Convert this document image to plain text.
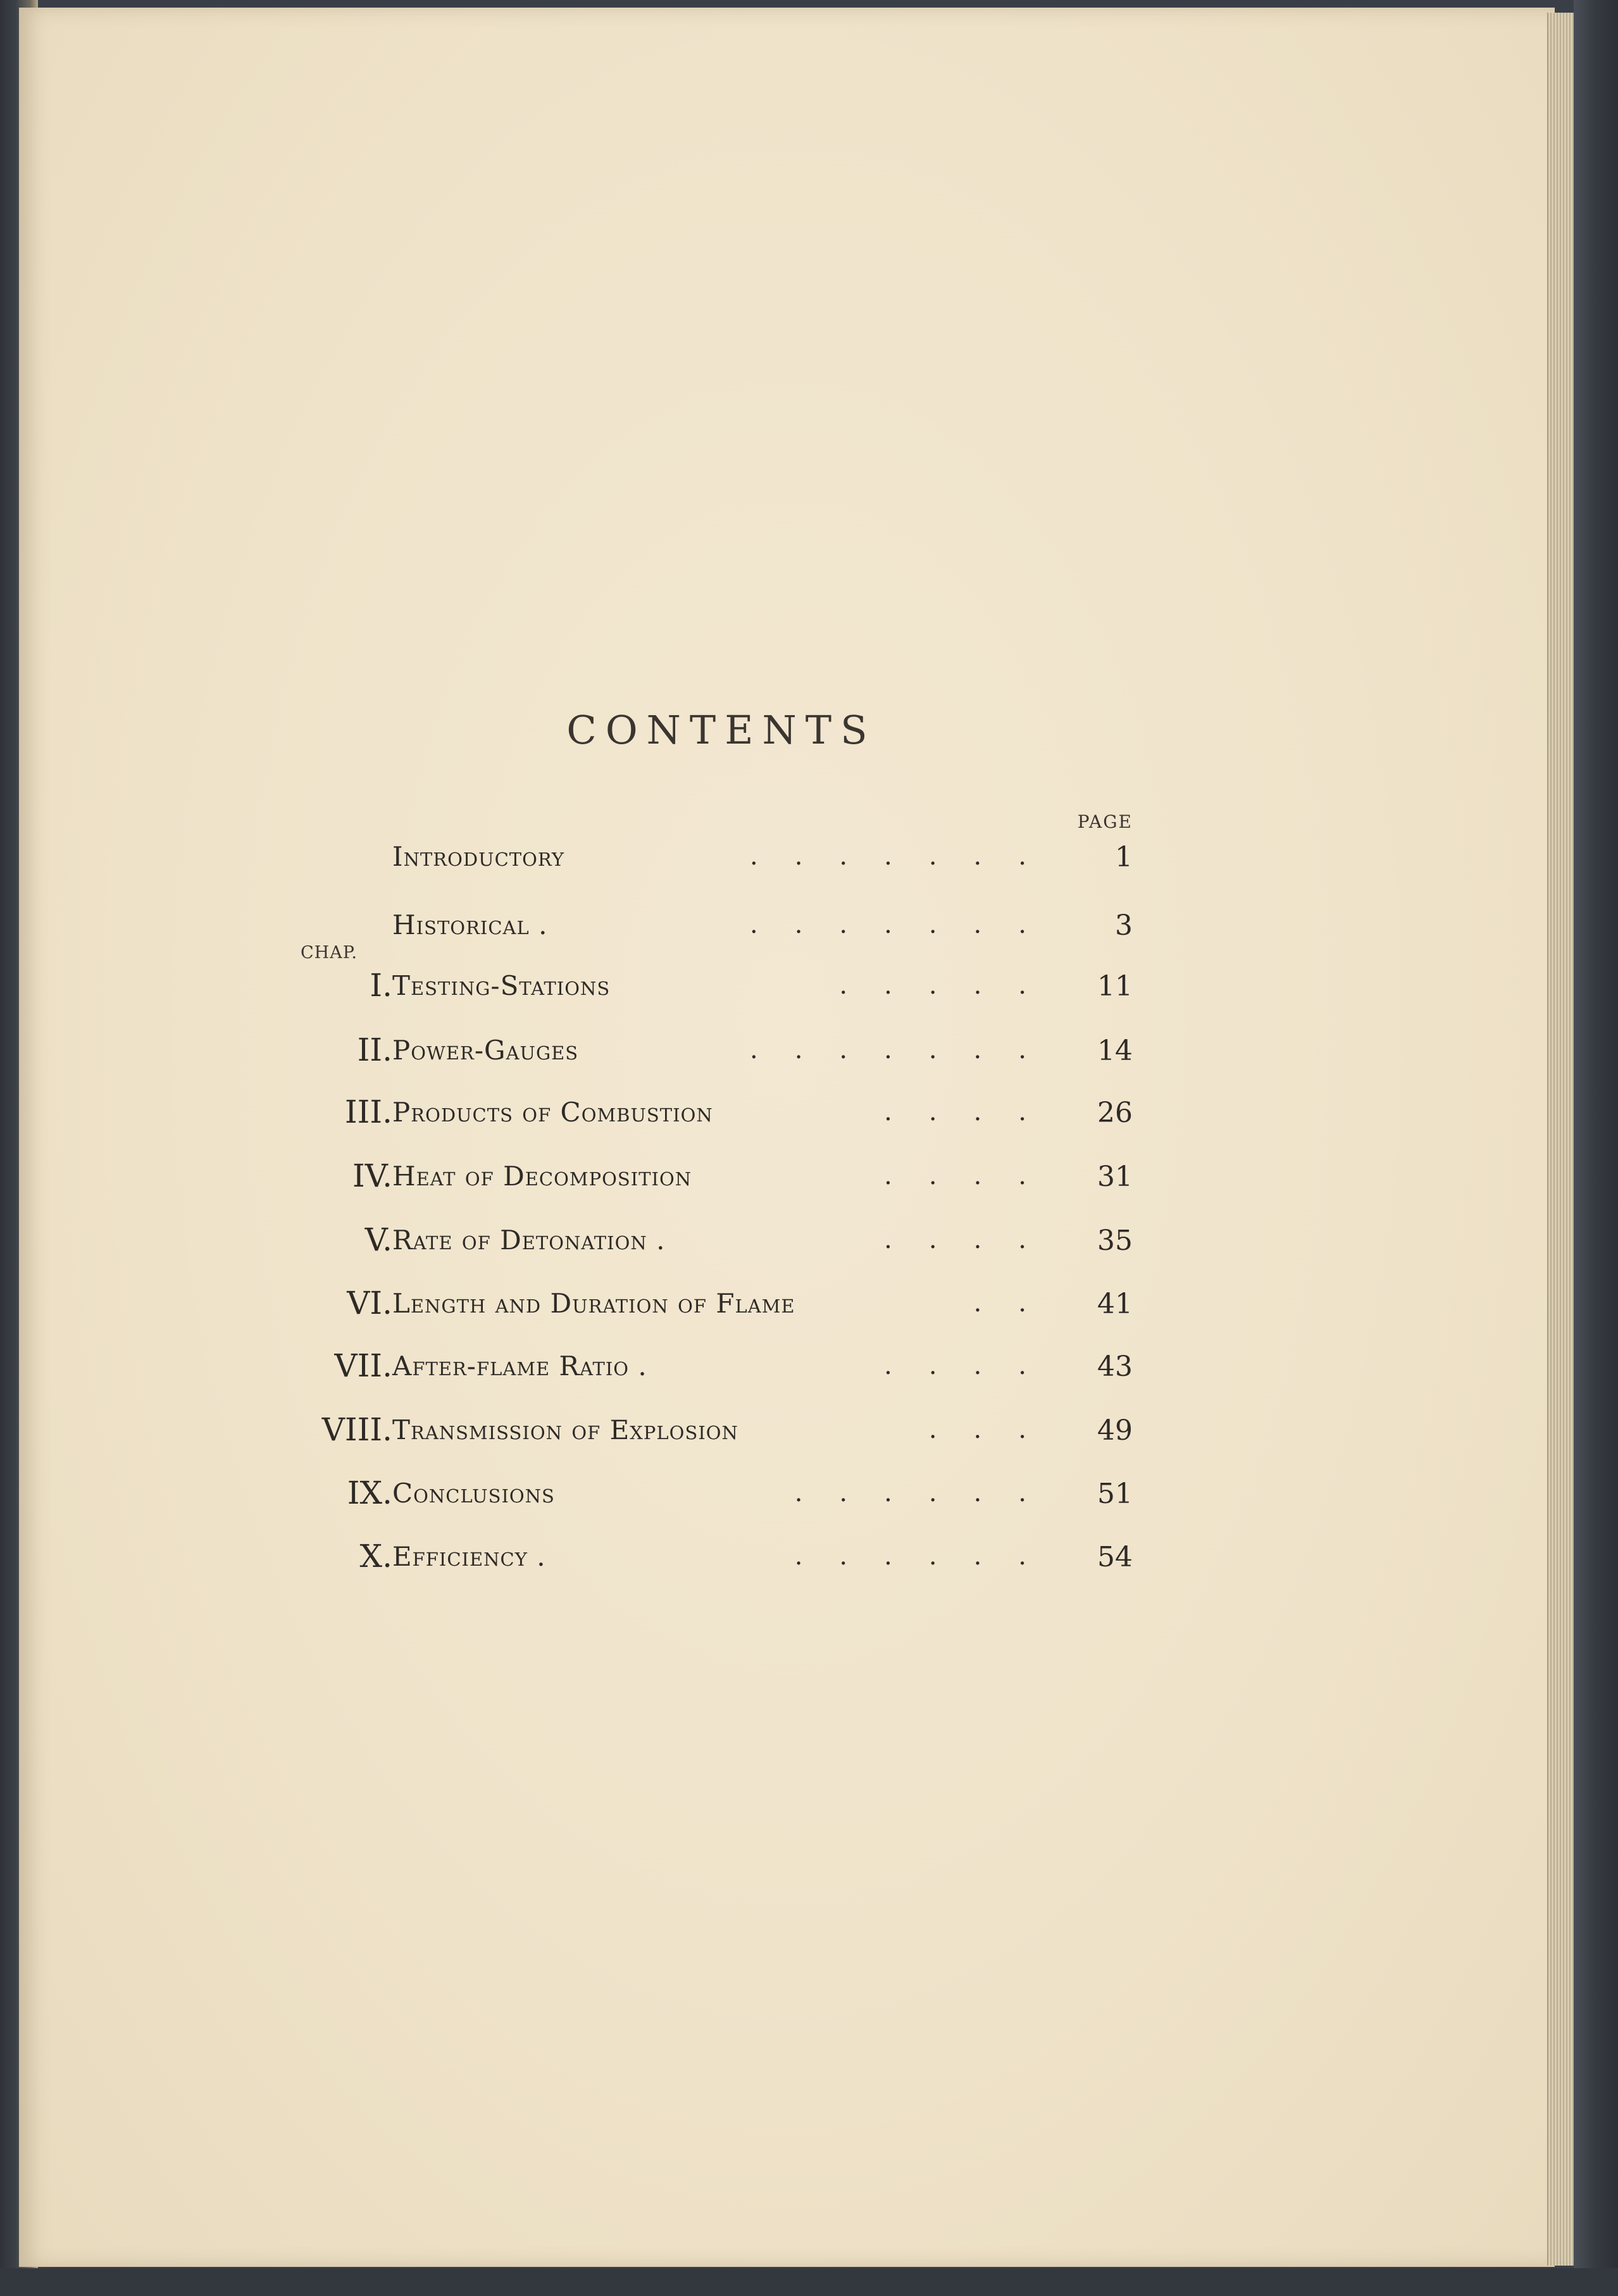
CONTENTS
PAGE
CHAP.
Introductory	.......	1
Historical .	.......	3
I. Testing-Stations	.....	11
II. Power-Gauges	.......	14
III. Products of Combustion	....	26
IV. Heat of Decomposition	....	31
V. Rate of Detonation .	....	35
VI. Length and Duration of Flame	..	41
VII. After-flame Ratio .	....	43
VIII. Transmission of Explosion	...	49
IX. Conclusions	......	51
X. Efficiency .	......	54
